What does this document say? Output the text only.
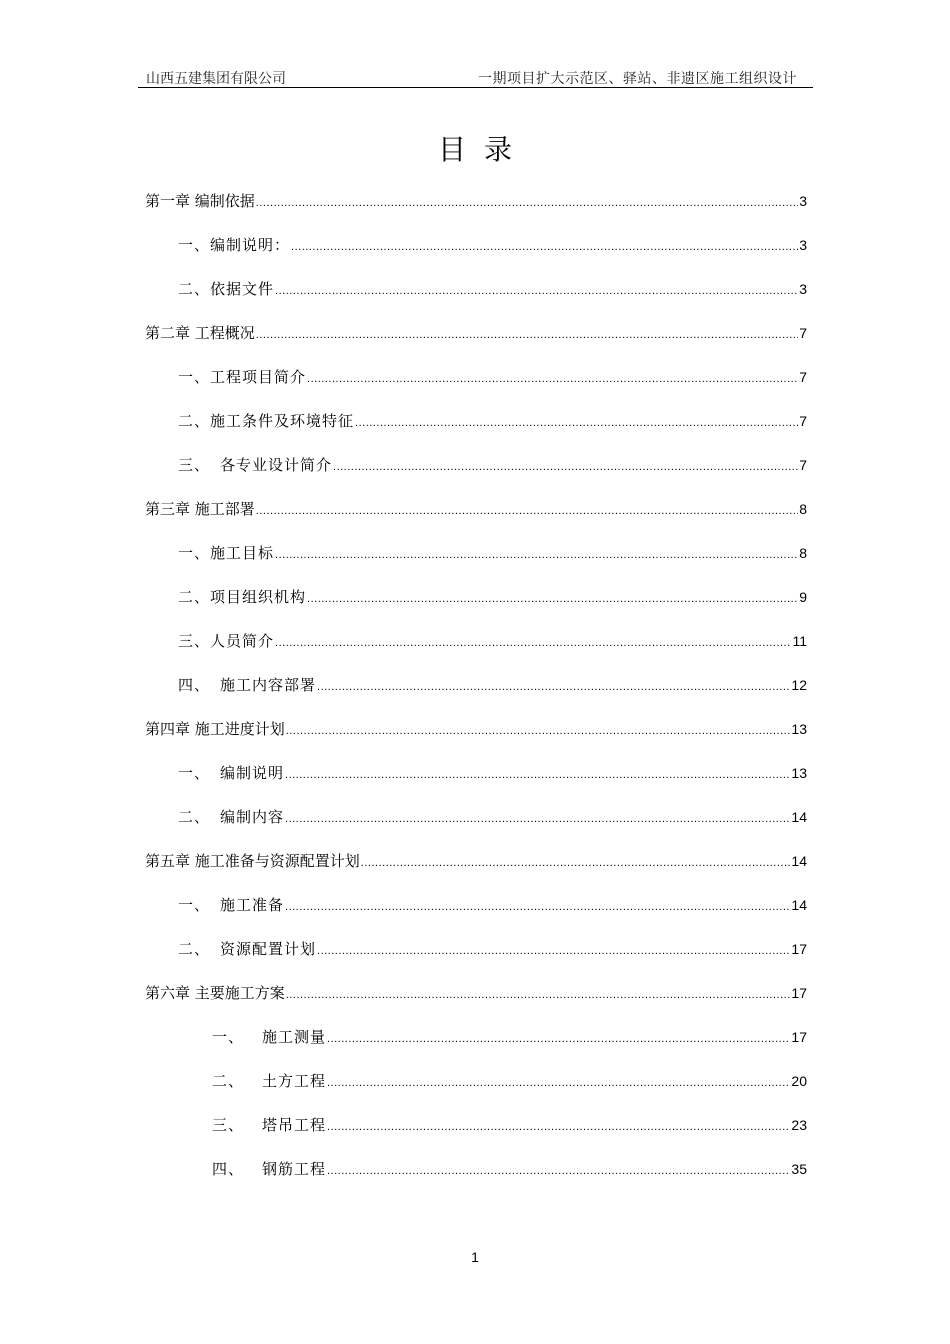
山西五建集团有限公司	一期项目扩大示范区、驿站、非遗区施工组织设计
目录
第一章 编制依据 .....	3
一、 编制说明： .....	3
二、 依据文件 .....	3
第二章 工程概况 .....	7
一、 工程项目简介 .....	7
二、 施工条件及环境特征 .....	7
三、 各专业设计简介 .....	7
第三章 施工部署 .....	8
一、 施工目标 .....	8
二、 项目组织机构 .....	9
三、 人员简介 .....	11
四、 施工内容部署 .....	12
第四章 施工进度计划 .....	13
一、 编制说明 .....	13
二、 编制内容 .....	14
第五章 施工准备与资源配置计划 .....	14
一、 施工准备 .....	14
二、 资源配置计划 .....	17
第六章 主要施工方案 .....	17
一、	施工测量 .....	17
二、	土方工程 .....	20
三、	塔吊工程 .....	23
四、	钢筋工程 .....	35
1
